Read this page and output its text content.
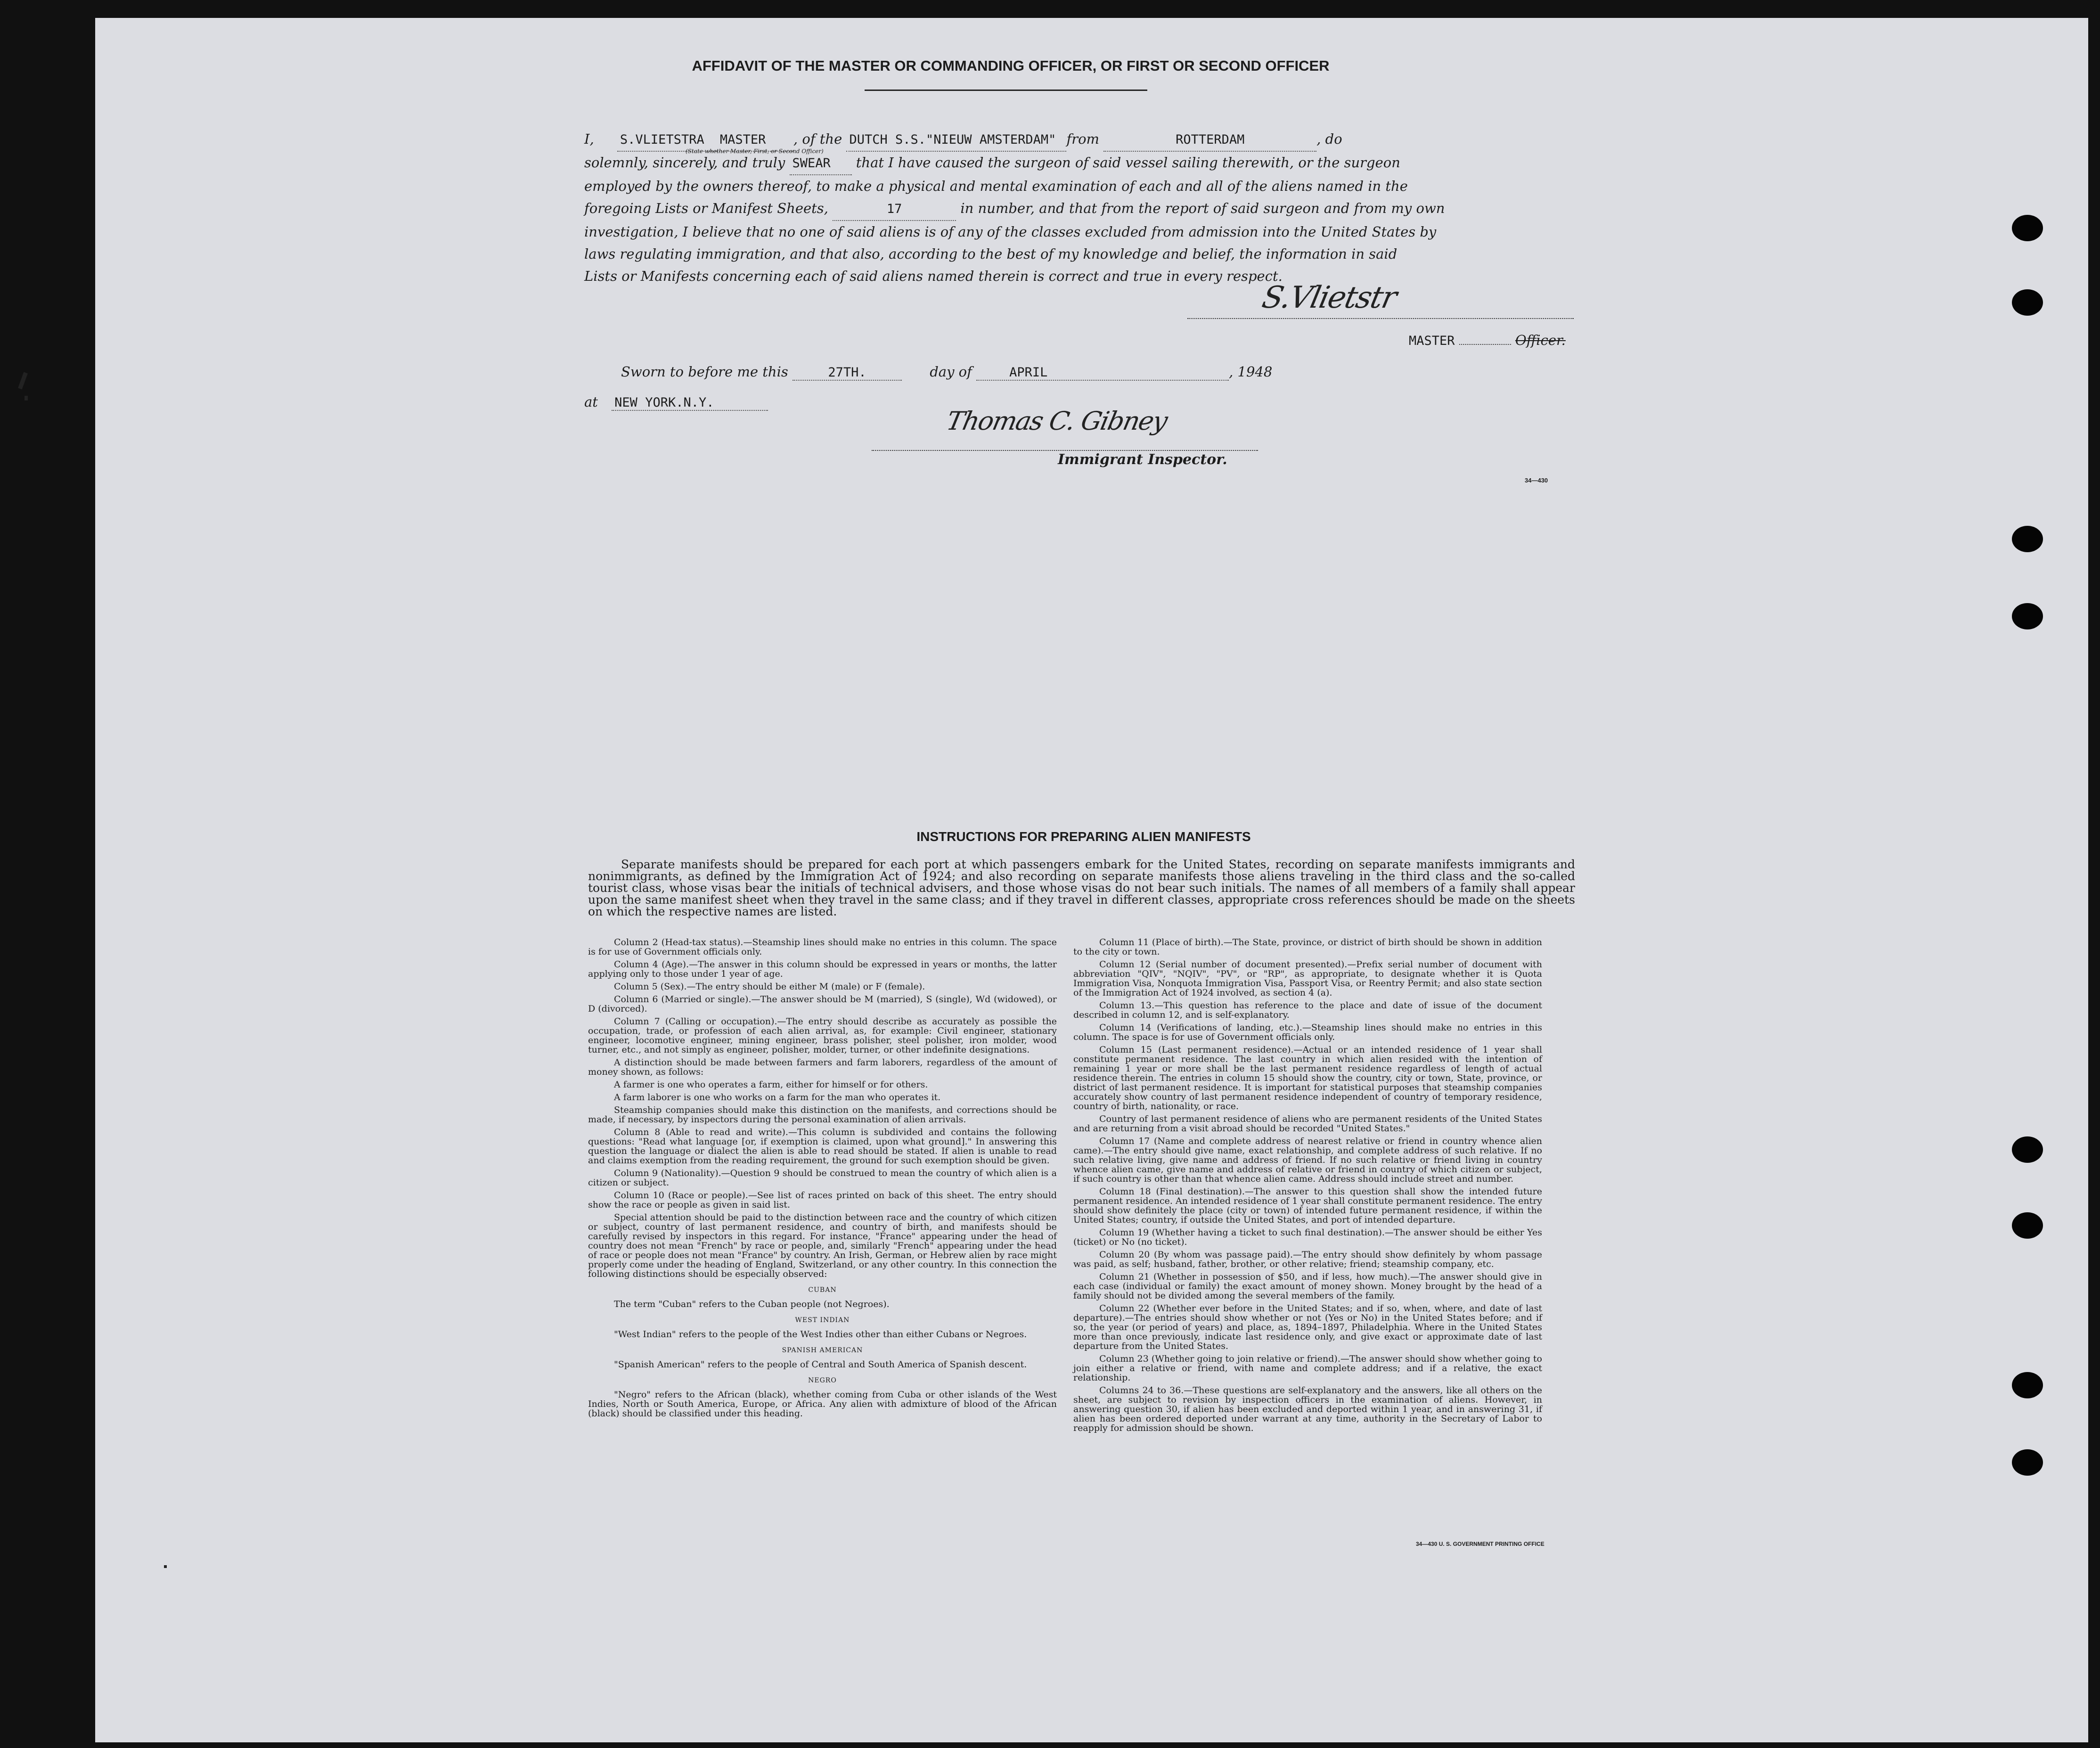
AFFIDAVIT OF THE MASTER OR COMMANDING OFFICER, OR FIRST OR SECOND OFFICER

I, S.VLIETSTRA MASTER , of the DUTCH S.S."NIEUW AMSTERDAM" from	ROTTERDAM	, do

solemnly, sincerely, and truly SWEAR that I have caused the surgeon of said vessel sailing therewith, or the surgeon

employed by the owners thereof, to make a physical and mental examination of each and all of the aliens named in the

foregoing Lists or Manifest Sheets,	17	in number, and that from the report of said surgeon and from my own

investigation, I believe that no one of said aliens is of any of the classes excluded from admission into the United States by

laws regulating immigration, and that also, according to the best of my knowledge and belief, the information in said

Lists or Manifests concerning each of said aliens named therein is correct and true in every respect.

(State whether Master, First, or Second Officer)
S.Vlietstr
MASTER	Officer.
Sworn to before me this	27TH.	day of	APRIL	, 1948
at NEW YORK.N.Y.
Thomas C. Gibney
Immigrant Inspector.
34—430
INSTRUCTIONS FOR PREPARING ALIEN MANIFESTS

Separate manifests should be prepared for each port at which passengers embark for the United States, recording on separate manifests immigrants and nonimmigrants, as defined by the Immigration Act of 1924; and also recording on separate manifests those aliens traveling in the third class and the so-called tourist class, whose visas bear the initials of technical advisers, and those whose visas do not bear such initials. The names of all members of a family shall appear upon the same manifest sheet when they travel in the same class; and if they travel in different classes, appropriate cross references should be made on the sheets on which the respective names are listed.

Column 2 (Head-tax status).—Steamship lines should make no entries in this column. The space is for use of Government officials only.

Column 4 (Age).—The answer in this column should be expressed in years or months, the latter applying only to those under 1 year of age.

Column 5 (Sex).—The entry should be either M (male) or F (female).

Column 6 (Married or single).—The answer should be M (married), S (single), Wd (widowed), or D (divorced).

Column 7 (Calling or occupation).—The entry should describe as accurately as possible the occupation, trade, or profession of each alien arrival, as, for example: Civil engineer, stationary engineer, locomotive engineer, mining engineer, brass polisher, steel polisher, iron molder, wood turner, etc., and not simply as engineer, polisher, molder, turner, or other indefinite designations.

A distinction should be made between farmers and farm laborers, regardless of the amount of money shown, as follows:

A farmer is one who operates a farm, either for himself or for others.

A farm laborer is one who works on a farm for the man who operates it.

Steamship companies should make this distinction on the manifests, and corrections should be made, if necessary, by inspectors during the personal examination of alien arrivals.

Column 8 (Able to read and write).—This column is subdivided and contains the following questions: "Read what language [or, if exemption is claimed, upon what ground]." In answering this question the language or dialect the alien is able to read should be stated. If alien is unable to read and claims exemption from the reading requirement, the ground for such exemption should be given.

Column 9 (Nationality).—Question 9 should be construed to mean the country of which alien is a citizen or subject.

Column 10 (Race or people).—See list of races printed on back of this sheet. The entry should show the race or people as given in said list.

Special attention should be paid to the distinction between race and the country of which citizen or subject, country of last permanent residence, and country of birth, and manifests should be carefully revised by inspectors in this regard. For instance, "France" appearing under the head of country does not mean "French" by race or people, and, similarly "French" appearing under the head of race or people does not mean "France" by country. An Irish, German, or Hebrew alien by race might properly come under the heading of England, Switzerland, or any other country. In this connection the following distinctions should be especially observed:

CUBAN

The term "Cuban" refers to the Cuban people (not Negroes).

WEST INDIAN

"West Indian" refers to the people of the West Indies other than either Cubans or Negroes.

SPANISH AMERICAN

"Spanish American" refers to the people of Central and South America of Spanish descent.

NEGRO

"Negro" refers to the African (black), whether coming from Cuba or other islands of the West Indies, North or South America, Europe, or Africa. Any alien with admixture of blood of the African (black) should be classified under this heading.

Column 11 (Place of birth).—The State, province, or district of birth should be shown in addition to the city or town.

Column 12 (Serial number of document presented).—Prefix serial number of document with abbreviation "QIV", "NQIV", "PV", or "RP", as appropriate, to designate whether it is Quota Immigration Visa, Nonquota Immigration Visa, Passport Visa, or Reentry Permit; and also state section of the Immigration Act of 1924 involved, as section 4 (a).

Column 13.—This question has reference to the place and date of issue of the document described in column 12, and is self-explanatory.

Column 14 (Verifications of landing, etc.).—Steamship lines should make no entries in this column. The space is for use of Government officials only.

Column 15 (Last permanent residence).—Actual or an intended residence of 1 year shall constitute permanent residence. The last country in which alien resided with the intention of remaining 1 year or more shall be the last permanent residence regardless of length of actual residence therein. The entries in column 15 should show the country, city or town, State, province, or district of last permanent residence. It is important for statistical purposes that steamship companies accurately show country of last permanent residence independent of country of temporary residence, country of birth, nationality, or race.

Country of last permanent residence of aliens who are permanent residents of the United States and are returning from a visit abroad should be recorded "United States."

Column 17 (Name and complete address of nearest relative or friend in country whence alien came).—The entry should give name, exact relationship, and complete address of such relative. If no such relative living, give name and address of friend. If no such relative or friend living in country whence alien came, give name and address of relative or friend in country of which citizen or subject, if such country is other than that whence alien came. Address should include street and number.

Column 18 (Final destination).—The answer to this question shall show the intended future permanent residence. An intended residence of 1 year shall constitute permanent residence. The entry should show definitely the place (city or town) of intended future permanent residence, if within the United States; country, if outside the United States, and port of intended departure.

Column 19 (Whether having a ticket to such final destination).—The answer should be either Yes (ticket) or No (no ticket).

Column 20 (By whom was passage paid).—The entry should show definitely by whom passage was paid, as self; husband, father, brother, or other relative; friend; steamship company, etc.

Column 21 (Whether in possession of $50, and if less, how much).—The answer should give in each case (individual or family) the exact amount of money shown. Money brought by the head of a family should not be divided among the several members of the family.

Column 22 (Whether ever before in the United States; and if so, when, where, and date of last departure).—The entries should show whether or not (Yes or No) in the United States before; and if so, the year (or period of years) and place, as, 1894–1897, Philadelphia. Where in the United States more than once previously, indicate last residence only, and give exact or approximate date of last departure from the United States.

Column 23 (Whether going to join relative or friend).—The answer should show whether going to join either a relative or friend, with name and complete address; and if a relative, the exact relationship.

Columns 24 to 36.—These questions are self-explanatory and the answers, like all others on the sheet, are subject to revision by inspection officers in the examination of aliens. However, in answering question 30, if alien has been excluded and deported within 1 year, and in answering 31, if alien has been ordered deported under warrant at any time, authority in the Secretary of Labor to reapply for admission should be shown.

34—430 U. S. GOVERNMENT PRINTING OFFICE
